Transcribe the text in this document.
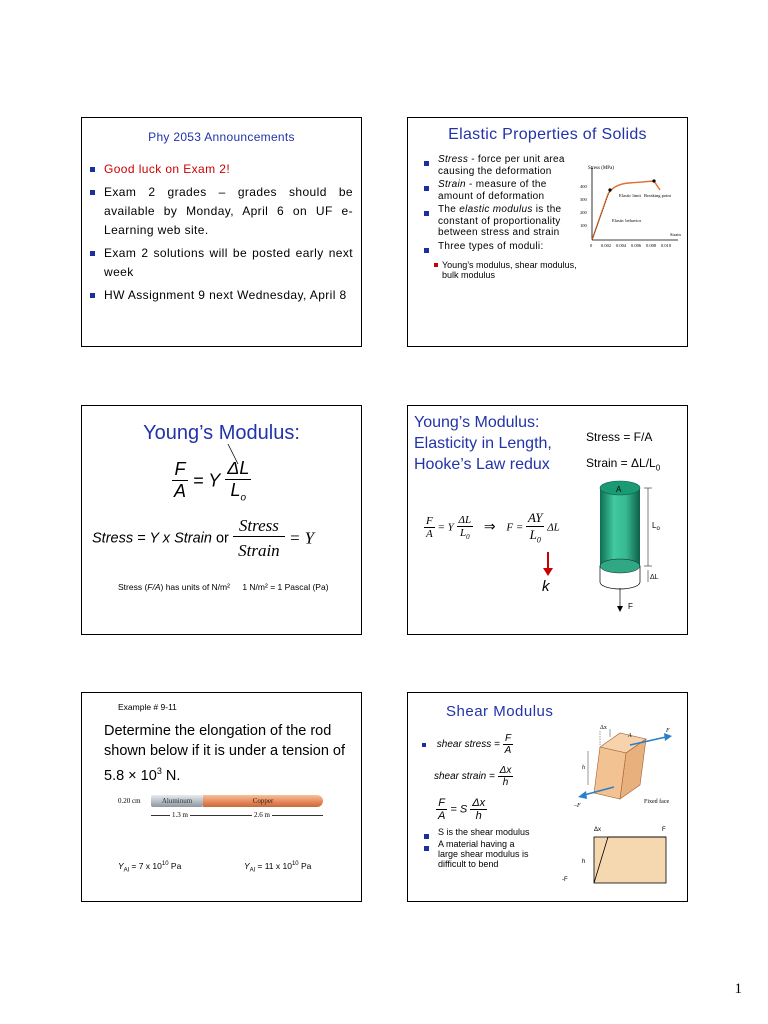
Phy 2053 Announcements
Good luck on Exam 2!
Exam 2 grades – grades should be available by Monday, April 6 on UF e-Learning web site.
Exam 2 solutions will be posted early next week
HW Assignment 9 next Wednesday, April 8
Elastic Properties of Solids
Stress - force per unit area causing the deformation
Strain - measure of the amount of deformation
The elastic modulus is the constant of proportionality between stress and strain
Three types of moduli:
Young’s modulus, shear modulus, bulk modulus
Stress (MPa)
400
300
200
100
0 0.002 0.004 0.006 0.008 0.010
Strain
Elastic limit Breaking point
Elastic behavior
Young’s Modulus:
$\frac{F}{A} = Y \frac{\Delta L}{L_o}$
Stress = Y x Strain or $\frac{\text{Stress}}{\text{Strain}} = Y$
Stress (F/A) has units of N/m² 1 N/m² = 1 Pascal (Pa)
Young’s Modulus:
Elasticity in Length,
Hooke’s Law redux
Stress = F/A
Strain = $\Delta L/L_0$
$\frac{F}{A} = Y \frac{\Delta L}{L_0}$ ⇒ $F = \frac{AY}{L_0}$ ΔL
k
A
$L_o$
ΔL
F
Example # 9-11
Determine the elongation of the rod shown below if it is under a tension of $5.8 \times 10^3$ N.
0.20 cm	Aluminum	Copper
1.3 m	2.6 m
$Y_{Al} = 7$ x $10^{10}$ Pa	$Y_{Al} = 11$ x $10^{10}$ Pa
Shear Modulus
shear stress = $\frac{F}{A}$
shear strain = $\frac{\Delta x}{h}$
$\frac{F}{A} = S \frac{\Delta x}{h}$
S is the shear modulus
A material having a large shear modulus is difficult to bend
Δx
h
A
F
–F
Fixed face
Δx	F
h
-F
1
